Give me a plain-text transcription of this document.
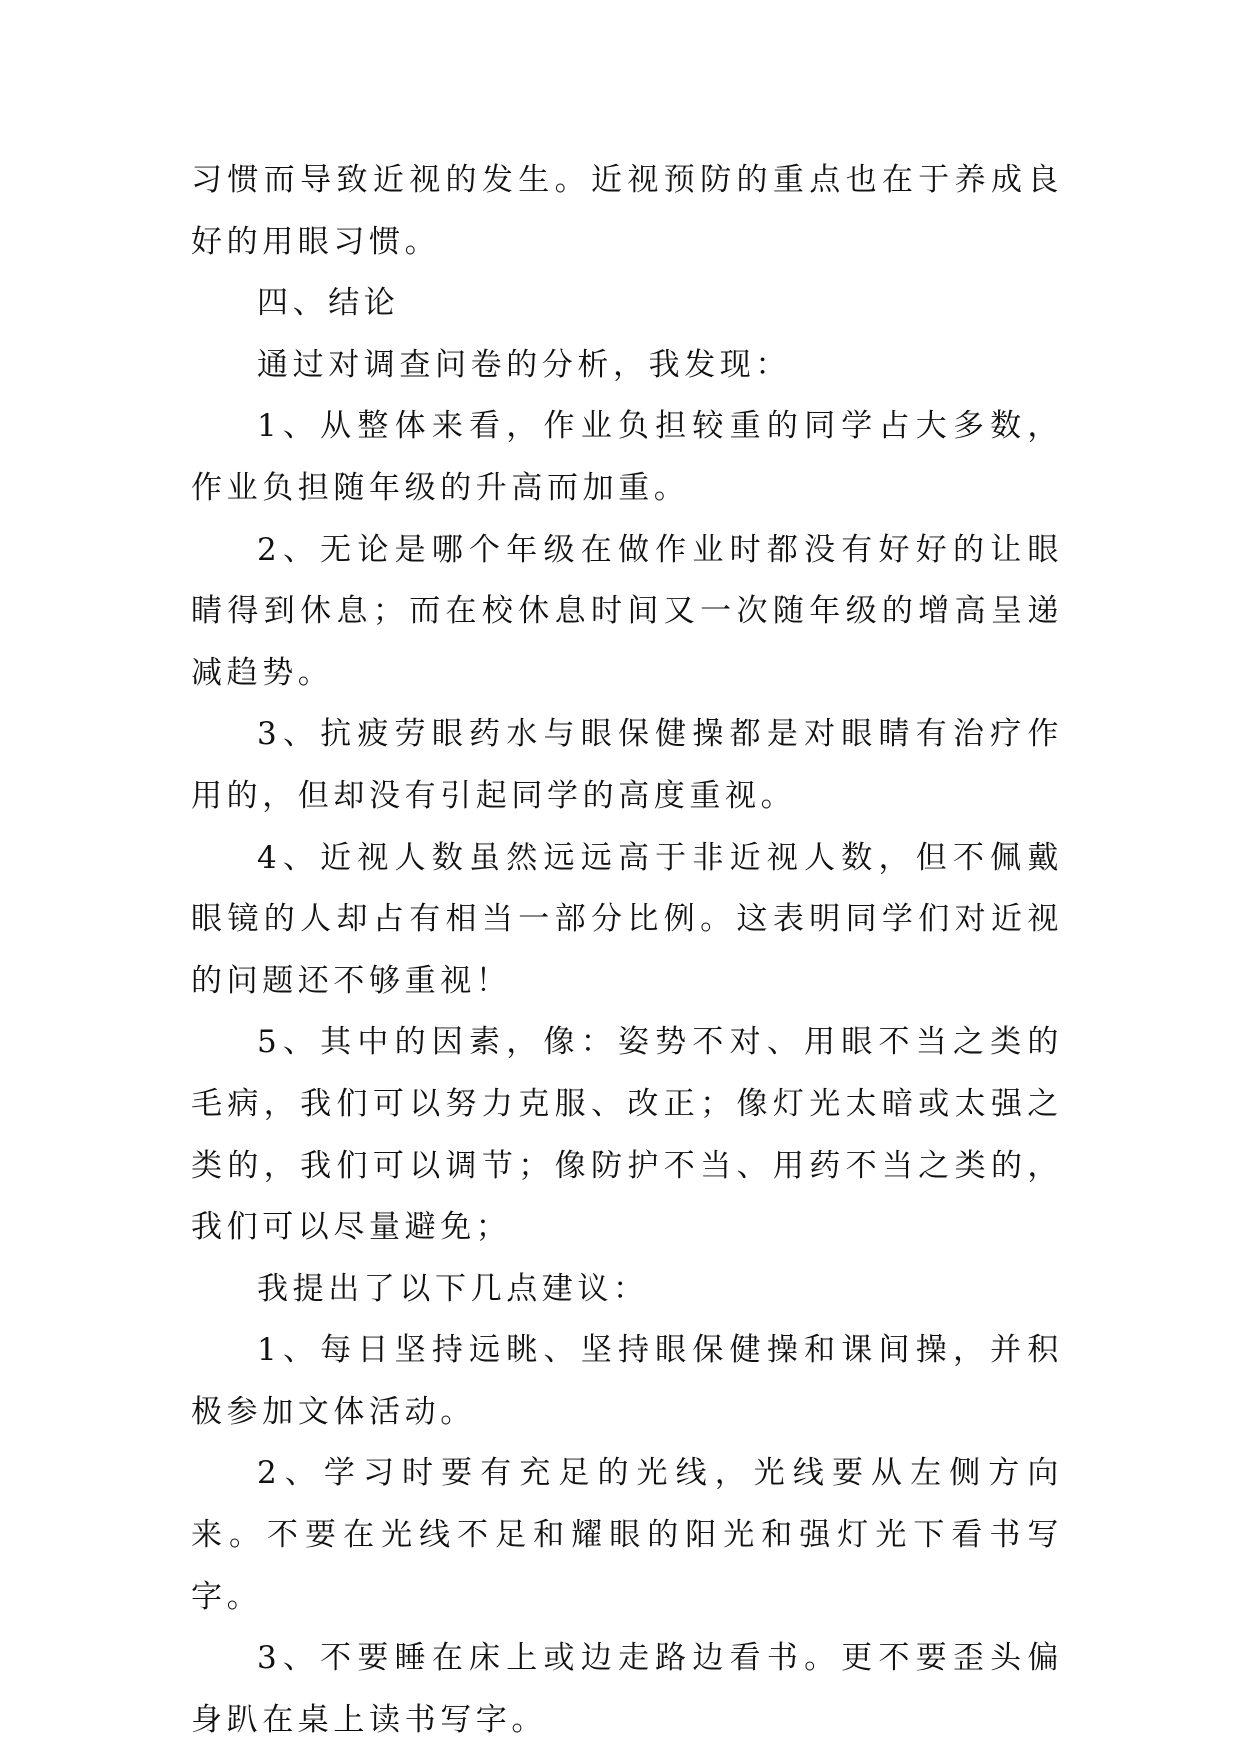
习惯而导致近视的发生。近视预防的重点也在于养成良好的用眼习惯。

四、结论

通过对调查问卷的分析，我发现：

1、从整体来看，作业负担较重的同学占大多数，作业负担随年级的升高而加重。

2、无论是哪个年级在做作业时都没有好好的让眼睛得到休息；而在校休息时间又一次随年级的增高呈递减趋势。

3、抗疲劳眼药水与眼保健操都是对眼睛有治疗作用的，但却没有引起同学的高度重视。

4、近视人数虽然远远高于非近视人数，但不佩戴眼镜的人却占有相当一部分比例。这表明同学们对近视的问题还不够重视！

5、其中的因素，像：姿势不对、用眼不当之类的毛病，我们可以努力克服、改正；像灯光太暗或太强之类的，我们可以调节；像防护不当、用药不当之类的，我们可以尽量避免；

我提出了以下几点建议：

1、每日坚持远眺、坚持眼保健操和课间操，并积极参加文体活动。

2、学习时要有充足的光线，光线要从左侧方向来。不要在光线不足和耀眼的阳光和强灯光下看书写字。

3、不要睡在床上或边走路边看书。更不要歪头偏身趴在桌上读书写字。
